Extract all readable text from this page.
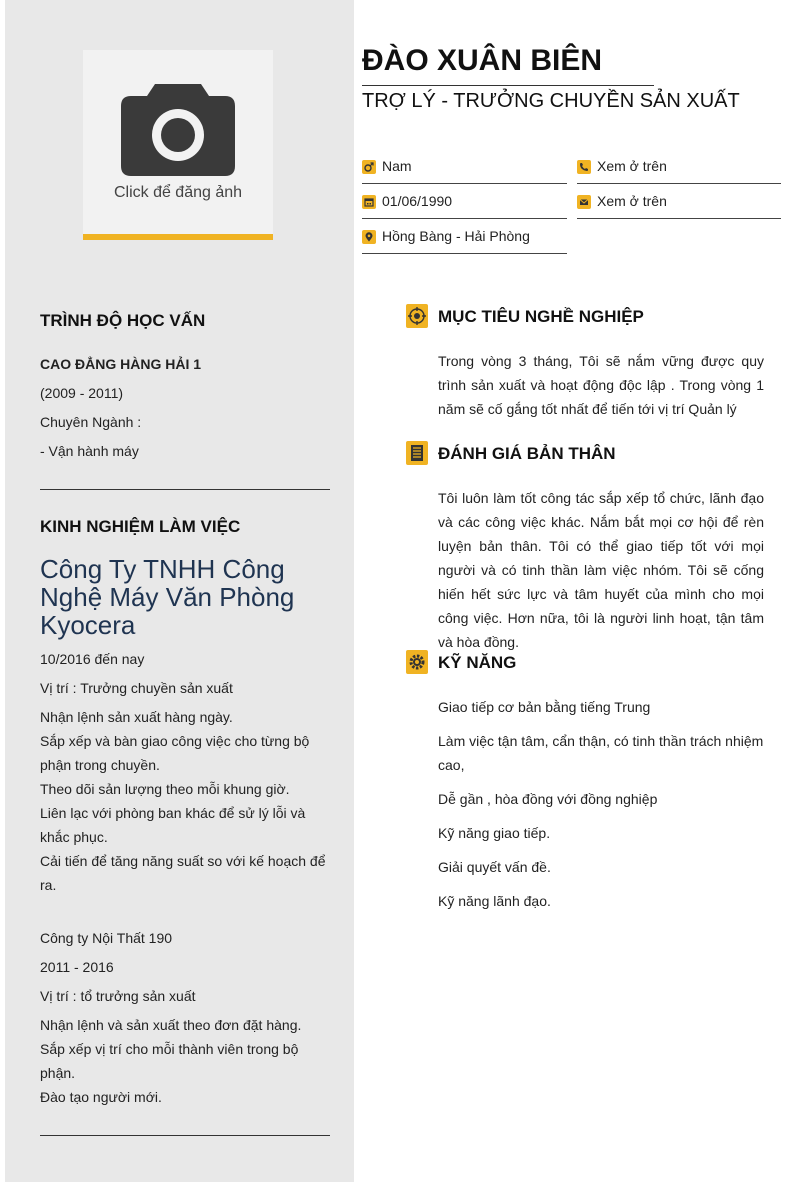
Click để đăng ảnh
ĐÀO XUÂN BIÊN
TRỢ LÝ - TRƯỞNG CHUYỀN SẢN XUẤT
Nam	Xem ở trên
01/06/1990	Xem ở trên
Hồng Bàng - Hải Phòng
TRÌNH ĐỘ HỌC VẤN
CAO ĐẲNG HÀNG HẢI 1
(2009 - 2011)
Chuyên Ngành :
- Vận hành máy
KINH NGHIỆM LÀM VIỆC
Công Ty TNHH Công Nghệ Máy Văn Phòng Kyocera
10/2016 đến nay
Vị trí : Trưởng chuyền sản xuất
Nhận lệnh sản xuất hàng ngày.
Sắp xếp và bàn giao công việc cho từng bộ phận trong chuyền.
Theo dõi sản lượng theo mỗi khung giờ.
Liên lạc với phòng ban khác để sử lý lỗi và khắc phục.
Cải tiến để tăng năng suất so với kế hoạch để ra.
Công ty Nội Thất 190
2011 - 2016
Vị trí : tổ trưởng sản xuất
Nhận lệnh và sản xuất theo đơn đặt hàng.
Sắp xếp vị trí cho mỗi thành viên trong bộ phận.
Đào tạo người mới.
MỤC TIÊU NGHỀ NGHIỆP
Trong vòng 3 tháng, Tôi sẽ nắm vững được quy trình sản xuất và hoạt động độc lập . Trong vòng 1 năm sẽ cố gắng tốt nhất để tiến tới vị trí Quản lý
ĐÁNH GIÁ BẢN THÂN
Tôi luôn làm tốt công tác sắp xếp tổ chức, lãnh đạo và các công việc khác. Nắm bắt mọi cơ hội để rèn luyện bản thân. Tôi có thể giao tiếp tốt với mọi người và có tinh thần làm việc nhóm. Tôi sẽ cống hiến hết sức lực và tâm huyết của mình cho mọi công việc. Hơn nữa, tôi là người linh hoạt, tận tâm và hòa đồng.
KỸ NĂNG
Giao tiếp cơ bản bằng tiếng Trung
Làm việc tận tâm, cẩn thận, có tinh thần trách nhiệm cao,
Dễ gần , hòa đồng với đồng nghiệp
Kỹ năng giao tiếp.
Giải quyết vấn đề.
Kỹ năng lãnh đạo.
